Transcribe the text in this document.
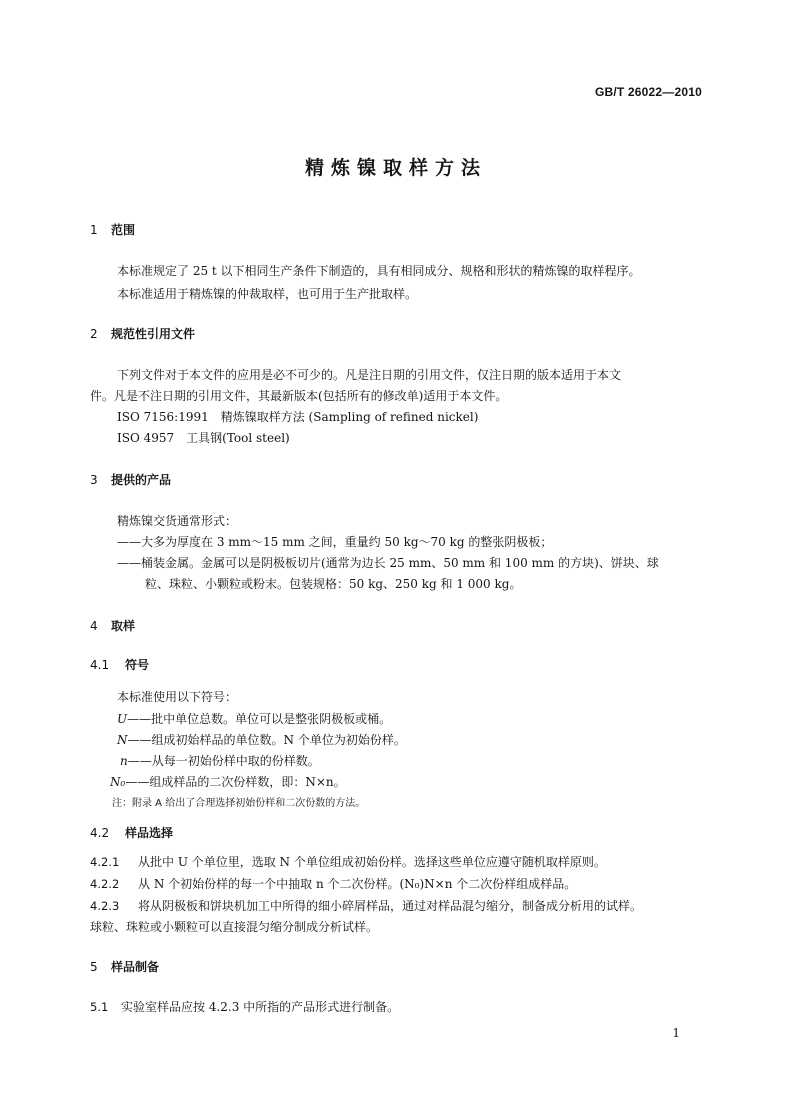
GB/T 26022—2010
精炼镍取样方法
1 范围
本标准规定了 25 t 以下相同生产条件下制造的，具有相同成分、规格和形状的精炼镍的取样程序。
本标准适用于精炼镍的仲裁取样，也可用于生产批取样。
2 规范性引用文件
下列文件对于本文件的应用是必不可少的。凡是注日期的引用文件，仅注日期的版本适用于本文
件。凡是不注日期的引用文件，其最新版本(包括所有的修改单)适用于本文件。
ISO 7156:1991　精炼镍取样方法 (Sampling of refined nickel)
ISO 4957　工具钢(Tool steel)
3 提供的产品
精炼镍交货通常形式：
——大多为厚度在 3 mm～15 mm 之间，重量约 50 kg～70 kg 的整张阴极板；
——桶装金属。金属可以是阴极板切片(通常为边长 25 mm、50 mm 和 100 mm 的方块)、饼块、球
粒、珠粒、小颗粒或粉末。包装规格：50 kg、250 kg 和 1 000 kg。
4 取样
4.1 符号
本标准使用以下符号：
U——批中单位总数。单位可以是整张阴极板或桶。
N——组成初始样品的单位数。N 个单位为初始份样。
n——从每一初始份样中取的份样数。
N₀——组成样品的二次份样数，即：N×n。
注：附录 A 给出了合理选择初始份样和二次份数的方法。
4.2 样品选择
4.2.1 从批中 U 个单位里，选取 N 个单位组成初始份样。选择这些单位应遵守随机取样原则。
4.2.2 从 N 个初始份样的每一个中抽取 n 个二次份样。(N₀)N×n 个二次份样组成样品。
4.2.3 将从阴极板和饼块机加工中所得的细小碎屑样品，通过对样品混匀缩分，制备成分析用的试样。
球粒、珠粒或小颗粒可以直接混匀缩分制成分析试样。
5 样品制备
5.1 实验室样品应按 4.2.3 中所指的产品形式进行制备。
1
